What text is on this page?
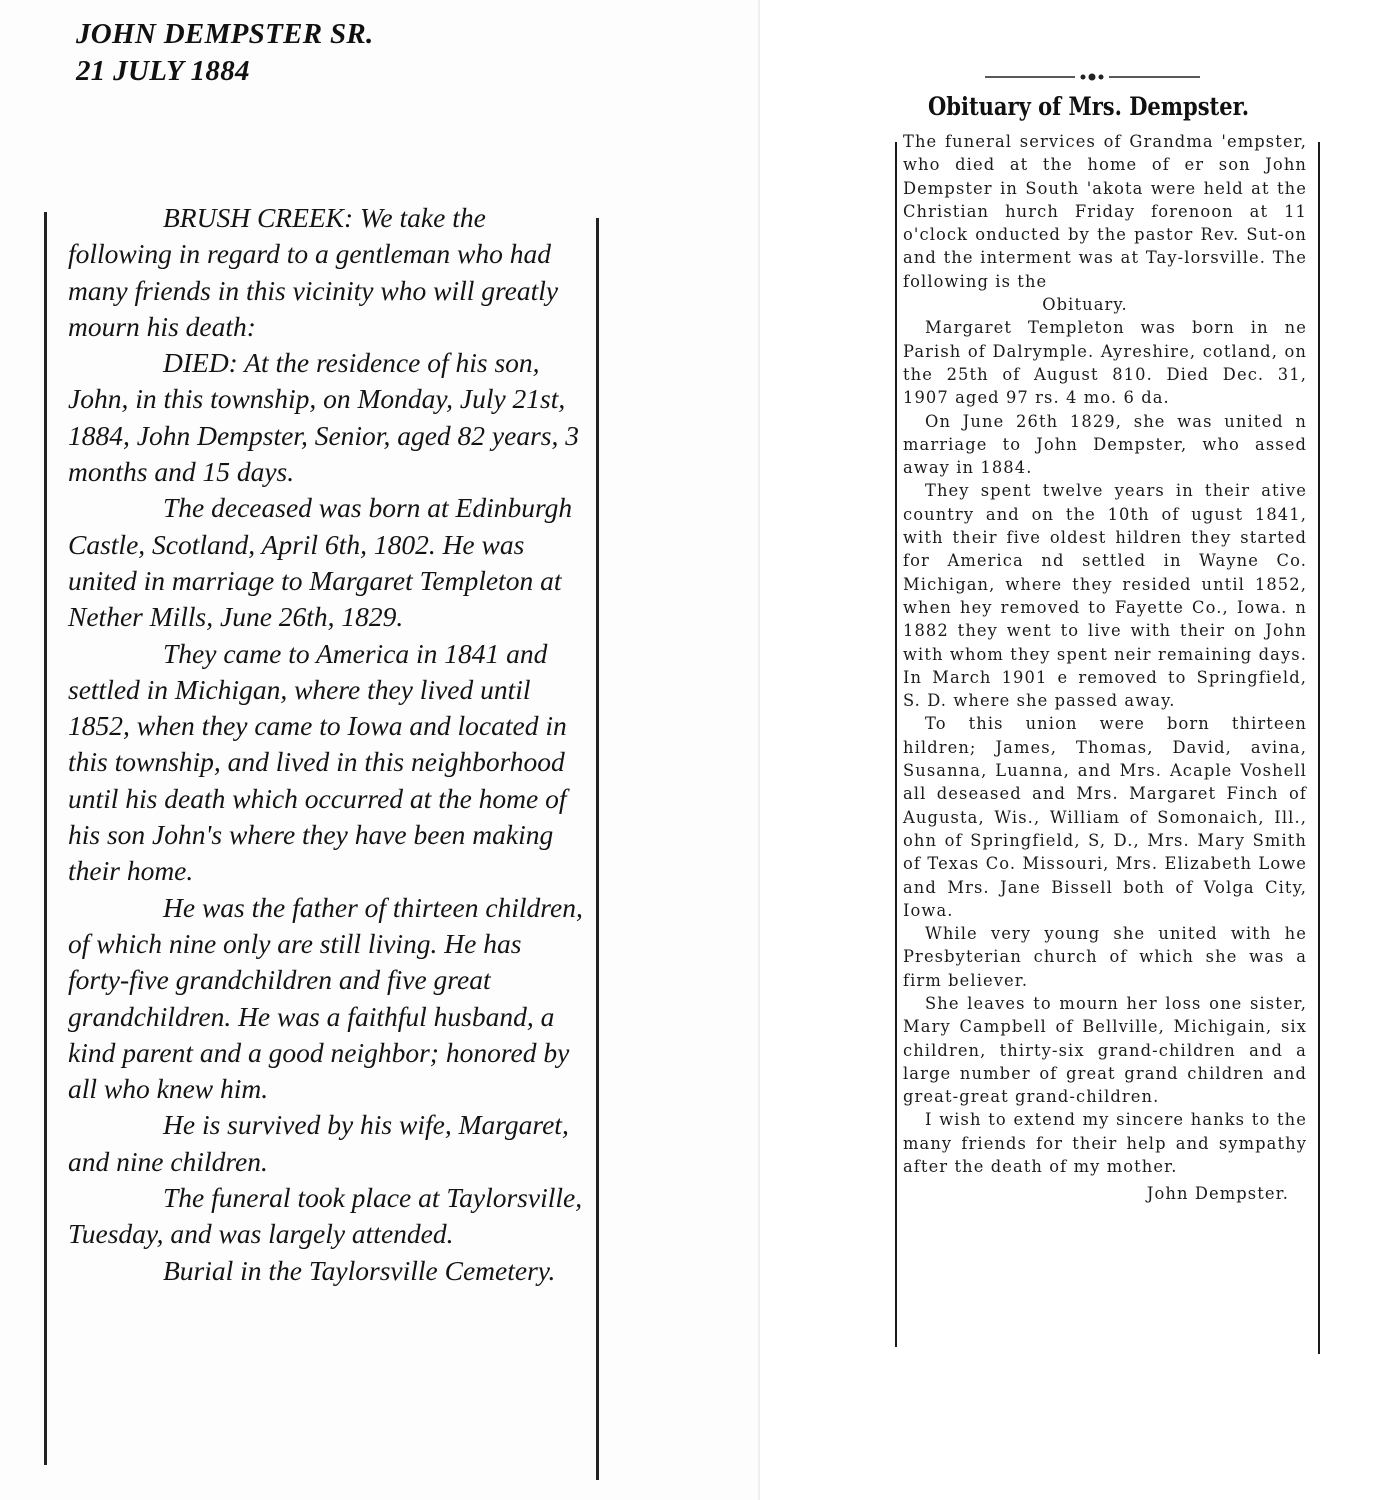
JOHN DEMPSTER SR.
21 JULY 1884

BRUSH CREEK: We take the following in regard to a gentleman who had many friends in this vicinity who will greatly mourn his death:

DIED: At the residence of his son, John, in this township, on Monday, July 21st, 1884, John Dempster, Senior, aged 82 years, 3 months and 15 days.

The deceased was born at Edinburgh Castle, Scotland, April 6th, 1802. He was united in marriage to Margaret Templeton at Nether Mills, June 26th, 1829.

They came to America in 1841 and settled in Michigan, where they lived until 1852, when they came to Iowa and located in this township, and lived in this neighborhood until his death which occurred at the home of his son John's where they have been making their home.

He was the father of thirteen children, of which nine only are still living. He has forty-five grandchildren and five great grandchildren. He was a faithful husband, a kind parent and a good neighbor; honored by all who knew him.

He is survived by his wife, Margaret, and nine children.

The funeral took place at Taylorsville, Tuesday, and was largely attended.

Burial in the Taylorsville Cemetery.

Obituary of Mrs. Dempster.

The funeral services of Grandma 'empster, who died at the home of er son John Dempster in South 'akota were held at the Christian hurch Friday forenoon at 11 o'clock onducted by the pastor Rev. Sut-on and the interment was at Tay-lorsville. The following is the

Obituary.

Margaret Templeton was born in ne Parish of Dalrymple. Ayreshire, cotland, on the 25th of August 810. Died Dec. 31, 1907 aged 97 rs. 4 mo. 6 da.

On June 26th 1829, she was united n marriage to John Dempster, who assed away in 1884.

They spent twelve years in their ative country and on the 10th of ugust 1841, with their five oldest hildren they started for America nd settled in Wayne Co. Michigan, where they resided until 1852, when hey removed to Fayette Co., Iowa. n 1882 they went to live with their on John with whom they spent neir remaining days. In March 1901 e removed to Springfield, S. D. where she passed away.

To this union were born thirteen hildren; James, Thomas, David, avina, Susanna, Luanna, and Mrs. Acaple Voshell all deseased and Mrs. Margaret Finch of Augusta, Wis., William of Somonaich, Ill., ohn of Springfield, S, D., Mrs. Mary Smith of Texas Co. Missouri, Mrs. Elizabeth Lowe and Mrs. Jane Bissell both of Volga City, Iowa.

While very young she united with he Presbyterian church of which she was a firm believer.

She leaves to mourn her loss one sister, Mary Campbell of Bellville, Michigain, six children, thirty-six grand-children and a large number of great grand children and great-great grand-children.

I wish to extend my sincere hanks to the many friends for their help and sympathy after the death of my mother.

John Dempster.
